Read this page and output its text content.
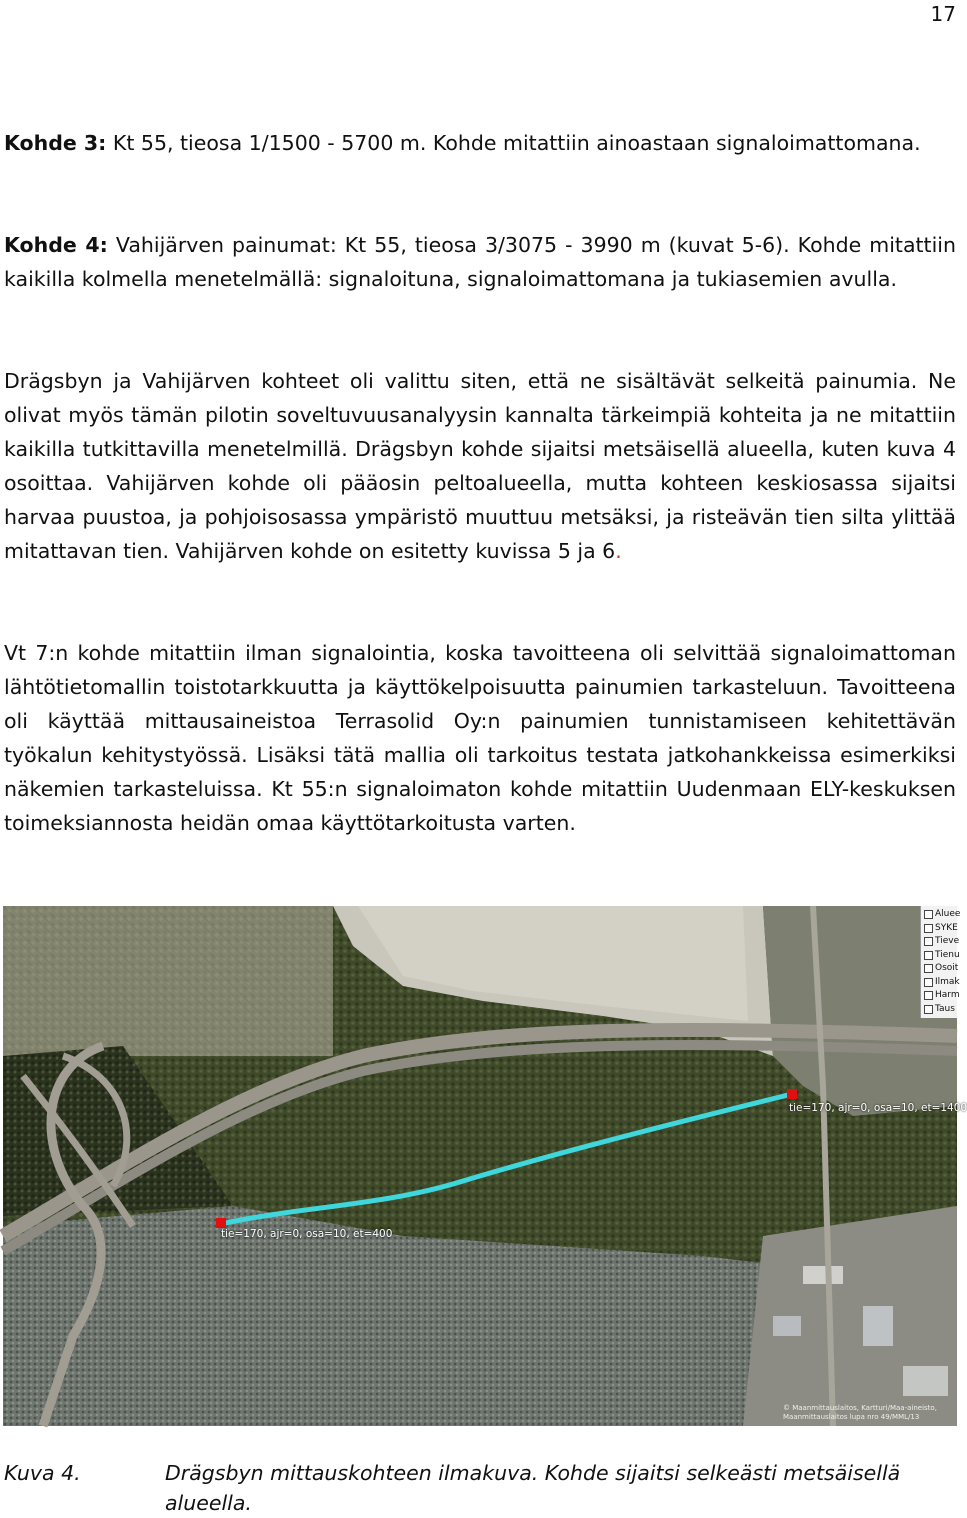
17

Kohde 3: Kt 55, tieosa 1/1500 - 5700 m. Kohde mitattiin ainoastaan signaloimattomana.

Kohde 4: Vahijärven painumat: Kt 55, tieosa 3/3075 - 3990 m (kuvat 5-6). Kohde mitattiin kaikilla kolmella menetelmällä: signaloituna, signaloimattomana ja tukiasemien avulla.

Drägsbyn ja Vahijärven kohteet oli valittu siten, että ne sisältävät selkeitä painumia. Ne olivat myös tämän pilotin soveltuvuusanalyysin kannalta tärkeimpiä kohteita ja ne mitattiin kaikilla tutkittavilla menetelmillä. Drägsbyn kohde sijaitsi metsäisellä alueella, kuten kuva 4 osoittaa. Vahijärven kohde oli pääosin peltoalueella, mutta kohteen keskiosassa sijaitsi harvaa puustoa, ja pohjoisosassa ympäristö muuttuu metsäksi, ja risteävän tien silta ylittää mitattavan tien. Vahijärven kohde on esitetty kuvissa 5 ja 6.

Vt 7:n kohde mitattiin ilman signalointia, koska tavoitteena oli selvittää signaloimattoman lähtötietomallin toistotarkkuutta ja käyttökelpoisuutta painumien tarkasteluun. Tavoitteena oli käyttää mittausaineistoa Terrasolid Oy:n painumien tunnistamiseen kehitettävän työkalun kehitystyössä. Lisäksi tätä mallia oli tarkoitus testata jatkohankkeissa esimerkiksi näkemien tarkasteluissa. Kt 55:n signaloimaton kohde mitattiin Uudenmaan ELY-keskuksen toimeksiannosta heidän omaa käyttötarkoitusta varten.

tie=170, ajr=0, osa=10, et=1400
tie=170, ajr=0, osa=10, et=400
Aluee
SYKE
Tieve
Tienu
Osoit
Ilmak
Harm
Taus
© Maanmittauslaitos, Kartturi/Maa-aineisto, Maanmittauslaitos lupa nro 49/MML/13
Kuva 4.	Drägsbyn mittauskohteen ilmakuva. Kohde sijaitsi selkeästi metsäisellä alueella.
